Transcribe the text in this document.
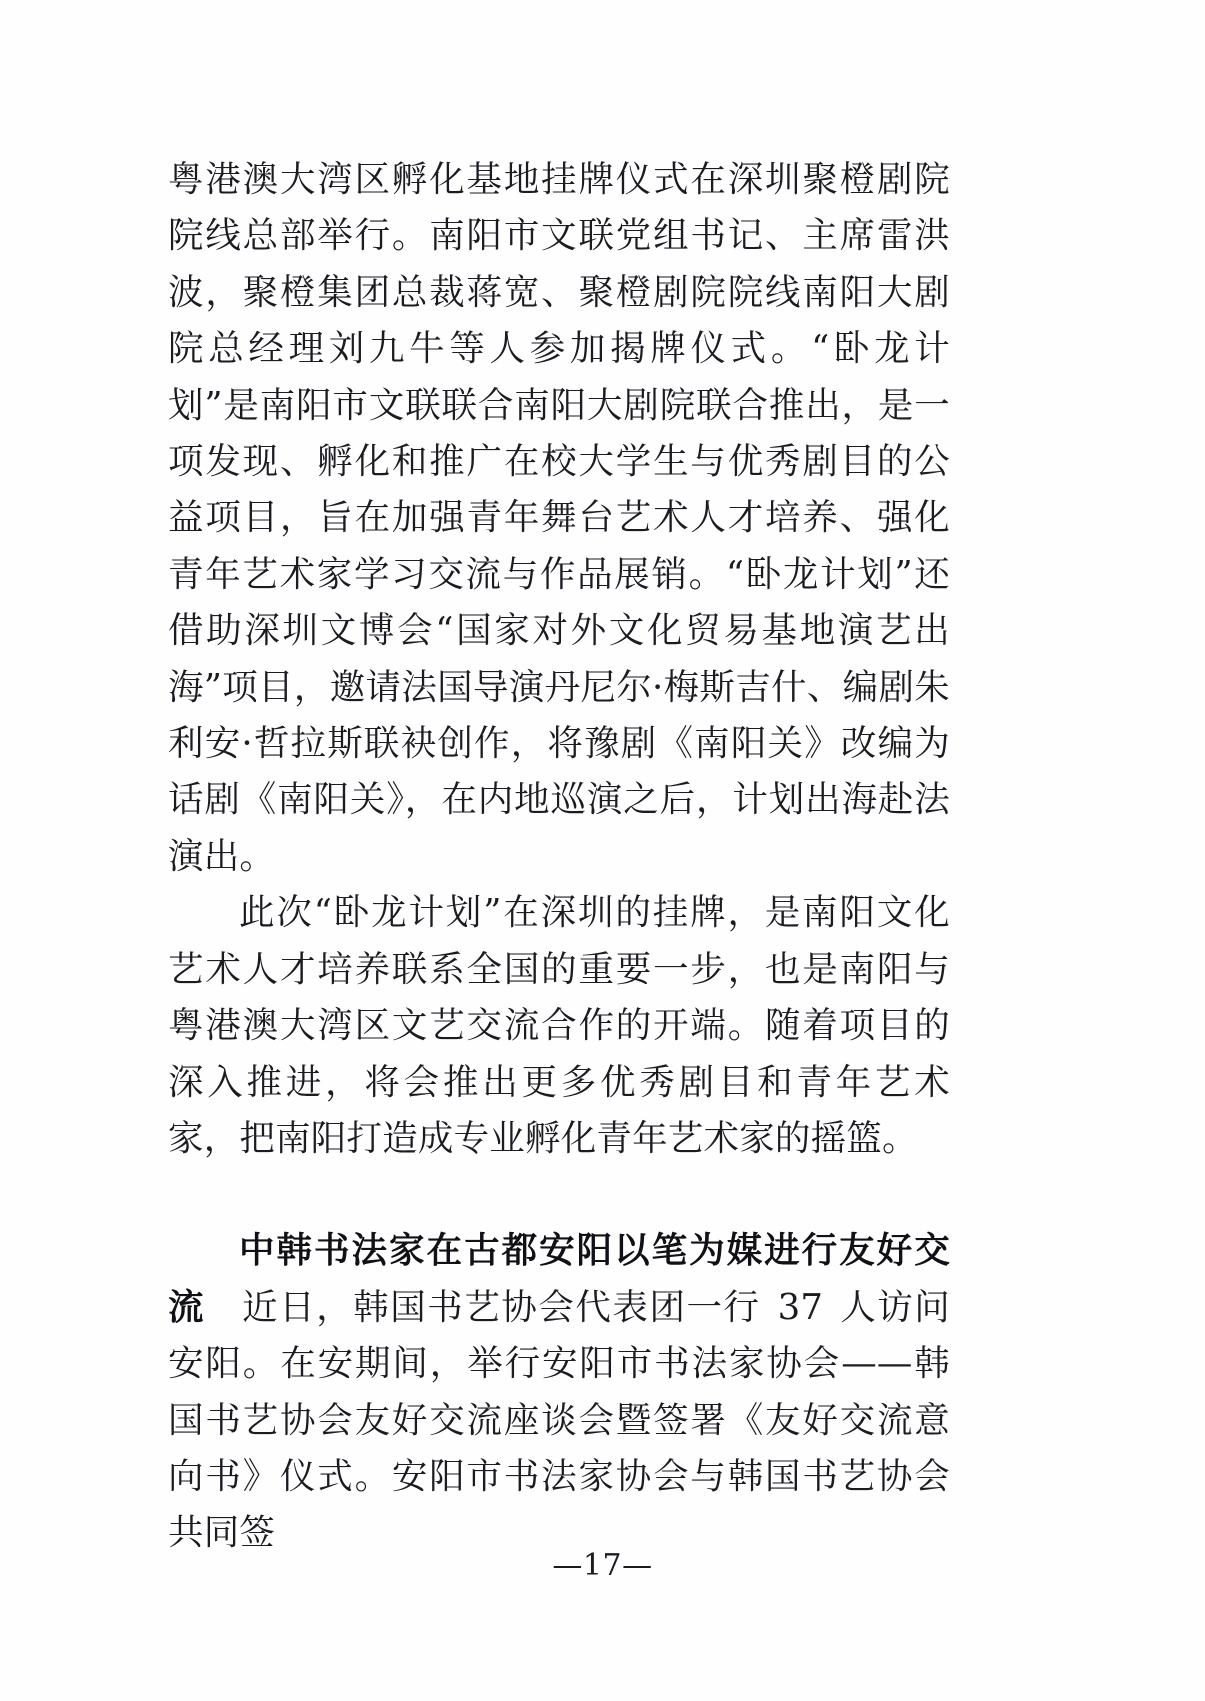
粤港澳大湾区孵化基地挂牌仪式在深圳聚橙剧院院线总部举行。南阳市文联党组书记、主席雷洪波，聚橙集团总裁蒋宽、聚橙剧院院线南阳大剧院总经理刘九牛等人参加揭牌仪式。“卧龙计划”是南阳市文联联合南阳大剧院联合推出，是一项发现、孵化和推广在校大学生与优秀剧目的公益项目，旨在加强青年舞台艺术人才培养、强化青年艺术家学习交流与作品展销。“卧龙计划”还借助深圳文博会“国家对外文化贸易基地演艺出海”项目，邀请法国导演丹尼尔·梅斯吉什、编剧朱利安·哲拉斯联袂创作，将豫剧《南阳关》改编为话剧《南阳关》，在内地巡演之后，计划出海赴法演出。

此次“卧龙计划”在深圳的挂牌，是南阳文化艺术人才培养联系全国的重要一步，也是南阳与粤港澳大湾区文艺交流合作的开端。随着项目的深入推进，将会推出更多优秀剧目和青年艺术家，把南阳打造成专业孵化青年艺术家的摇篮。

中韩书法家在古都安阳以笔为媒进行友好交流　近日，韩国书艺协会代表团一行 37 人访问安阳。在安期间，举行安阳市书法家协会——韩国书艺协会友好交流座谈会暨签署《友好交流意向书》仪式。安阳市书法家协会与韩国书艺协会共同签

—17—
